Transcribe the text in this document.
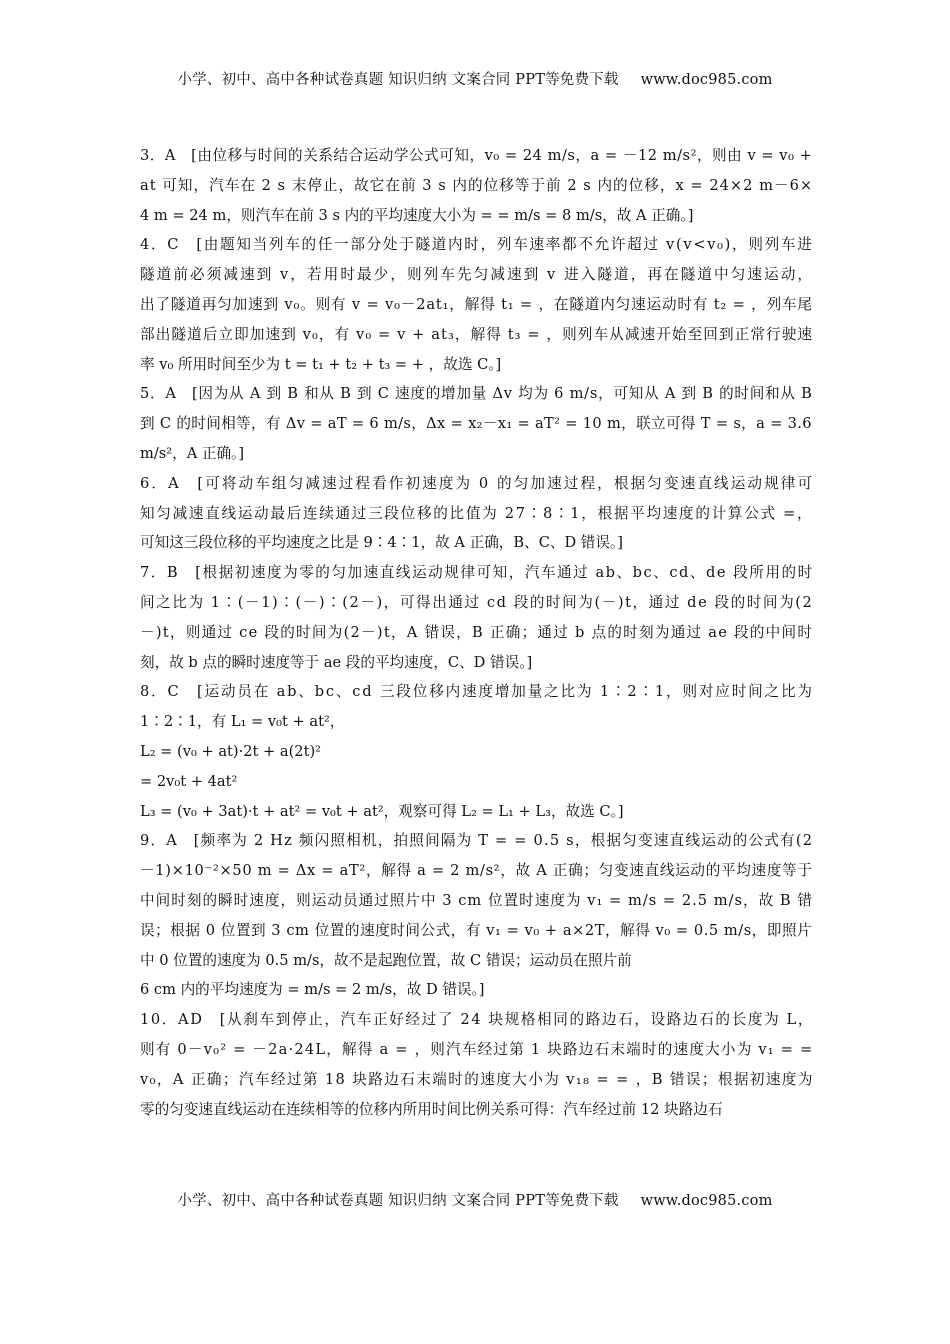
小学、初中、高中各种试卷真题 知识归纳 文案合同 PPT等免费下载 www.doc985.com

3．A　[由位移与时间的关系结合运动学公式可知，v₀ = 24 m/s，a = －12 m/s²，则由 v = v₀ +
at 可知，汽车在 2 s 末停止，故它在前 3 s 内的位移等于前 2 s 内的位移，x = 24×2 m－6×
4 m = 24 m，则汽车在前 3 s 内的平均速度大小为 = = m/s = 8 m/s，故 A 正确。]

4．C　[由题知当列车的任一部分处于隧道内时，列车速率都不允许超过 v(v<v₀)，则列车进
隧道前必须减速到 v，若用时最少，则列车先匀减速到 v 进入隧道，再在隧道中匀速运动，
出了隧道再匀加速到 v₀。则有 v = v₀－2at₁，解得 t₁ = ，在隧道内匀速运动时有 t₂ = ，列车尾
部出隧道后立即加速到 v₀，有 v₀ = v + at₃，解得 t₃ = ，则列车从减速开始至回到正常行驶速
率 v₀ 所用时间至少为 t = t₁ + t₂ + t₃ = + ，故选 C。]

5．A　[因为从 A 到 B 和从 B 到 C 速度的增加量 Δv 均为 6 m/s，可知从 A 到 B 的时间和从 B
到 C 的时间相等，有 Δv = aT = 6 m/s，Δx = x₂－x₁ = aT² = 10 m，联立可得 T = s，a = 3.6
m/s²，A 正确。]

6．A　[可将动车组匀减速过程看作初速度为 0 的匀加速过程，根据匀变速直线运动规律可
知匀减速直线运动最后连续通过三段位移的比值为 27∶8∶1，根据平均速度的计算公式 =，
可知这三段位移的平均速度之比是 9∶4∶1，故 A 正确，B、C、D 错误。]

7．B　[根据初速度为零的匀加速直线运动规律可知，汽车通过 ab、bc、cd、de 段所用的时
间之比为 1∶(－1)∶(－)∶(2－)，可得出通过 cd 段的时间为(－)t，通过 de 段的时间为(2
－)t，则通过 ce 段的时间为(2－)t，A 错误，B 正确；通过 b 点的时刻为通过 ae 段的中间时
刻，故 b 点的瞬时速度等于 ae 段的平均速度，C、D 错误。]

8．C　[运动员在 ab、bc、cd 三段位移内速度增加量之比为 1∶2∶1，则对应时间之比为
1∶2∶1，有 L₁ = v₀t + at²，
L₂ = (v₀ + at)·2t + a(2t)²
= 2v₀t + 4at²
L₃ = (v₀ + 3at)·t + at² = v₀t + at²，观察可得 L₂ = L₁ + L₃，故选 C。]

9．A　[频率为 2 Hz 频闪照相机，拍照间隔为 T = = 0.5 s，根据匀变速直线运动的公式有(2
－1)×10⁻²×50 m = Δx = aT²，解得 a = 2 m/s²，故 A 正确；匀变速直线运动的平均速度等于
中间时刻的瞬时速度，则运动员通过照片中 3 cm 位置时速度为 v₁ = m/s = 2.5 m/s，故 B 错
误；根据 0 位置到 3 cm 位置的速度时间公式，有 v₁ = v₀ + a×2T，解得 v₀ = 0.5 m/s，即照片
中 0 位置的速度为 0.5 m/s，故不是起跑位置，故 C 错误；运动员在照片前
6 cm 内的平均速度为 = m/s = 2 m/s，故 D 错误。]

10．AD　[从刹车到停止，汽车正好经过了 24 块规格相同的路边石，设路边石的长度为 L，
则有 0－v₀² = －2a·24L，解得 a = ，则汽车经过第 1 块路边石末端时的速度大小为 v₁ = =
v₀，A 正确；汽车经过第 18 块路边石末端时的速度大小为 v₁₈ = = ，B 错误；根据初速度为
零的匀变速直线运动在连续相等的位移内所用时间比例关系可得：汽车经过前 12 块路边石

小学、初中、高中各种试卷真题 知识归纳 文案合同 PPT等免费下载 www.doc985.com
